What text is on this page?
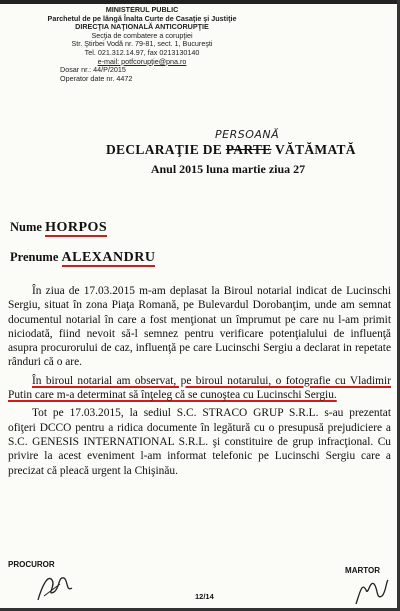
MINISTERUL PUBLIC
Parchetul de pe lângă Înalta Curte de Casaţie şi Justiţie
DIRECŢIA NAŢIONALĂ ANTICORUPŢIE
Secţia de combatere a corupţiei
Str. Ştirbei Vodă nr. 79-81, sect. 1, Bucureşti
Tel. 021.312.14.97, fax 0213130140
e-mail: potfcorupţie@pna.ro
Dosar nr.: 44/P/2015
Operator date nr. 4472
PERSOANĂ
DECLARAŢIE DE PARTE VĂTĂMATĂ
Anul 2015 luna martie ziua 27
Nume HORPOS
Prenume ALEXANDRU

În ziua de 17.03.2015 m-am deplasat la Biroul notarial indicat de Lucinschi Sergiu, situat în zona Piaţa Romană, pe Bulevardul Dorobanţim, unde am semnat documentul notarial în care a fost menţionat un împrumut pe care nu l-am primit niciodată, fiind nevoit să-l semnez pentru verificare potenţialului de influenţă asupra procurorului de caz, influenţă pe care Lucinschi Sergiu a declarat in repetate rânduri că o are.

În biroul notarial am observat, pe biroul notarului, o fotografie cu Vladimir Putin care m-a determinat să înţeleg că se cunoştea cu Lucinschi Sergiu.

Tot pe 17.03.2015, la sediul S.C. STRACO GRUP S.R.L. s-au prezentat ofiţeri DCCO pentru a ridica documente în legătură cu o presupusă prejudiciere a S.C. GENESIS INTERNATIONAL S.R.L. şi constituire de grup infracţional. Cu privire la acest eveniment l-am informat telefonic pe Lucinschi Sergiu care a precizat că pleacă urgent la Chişinău.

PROCUROR
MARTOR
12/14
